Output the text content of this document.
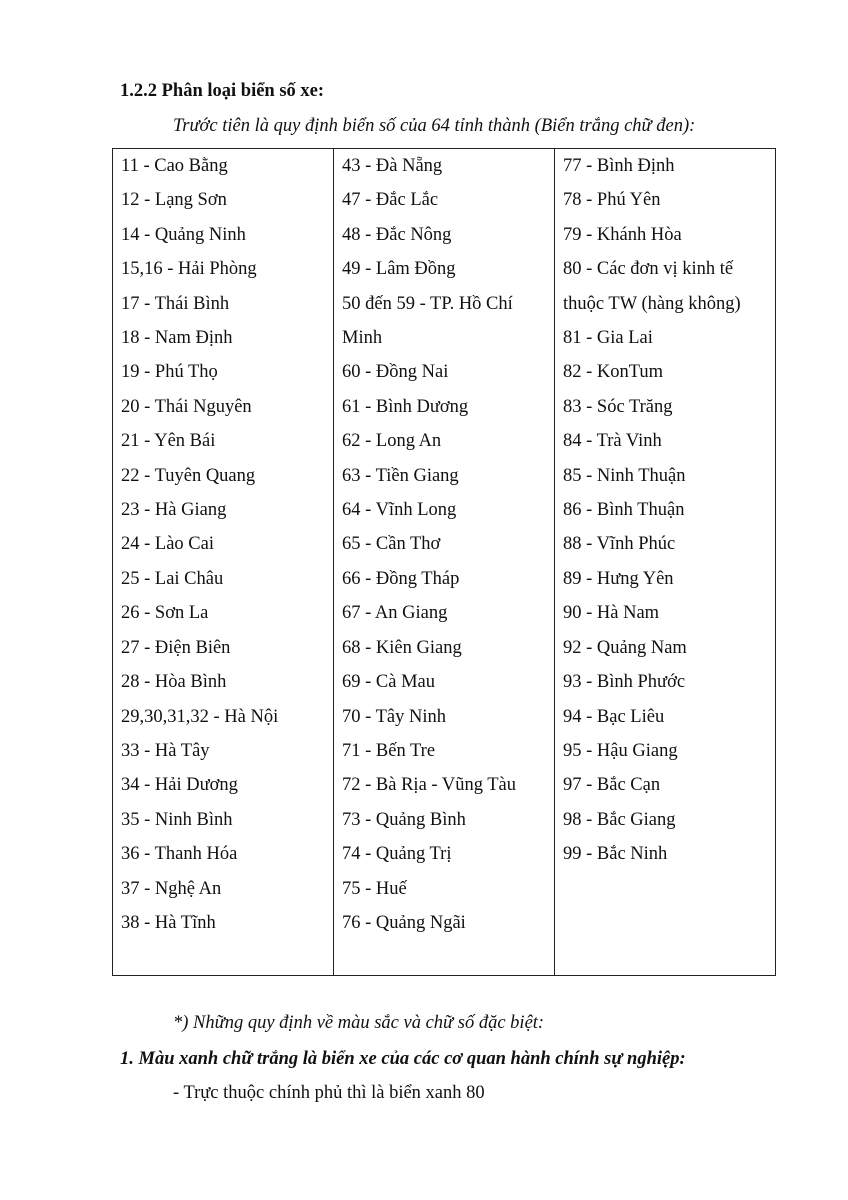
1.2.2 Phân loại biển số xe:
Trước tiên là quy định biển số của 64 tỉnh thành (Biển trắng chữ đen):
11 - Cao Bằng
12 - Lạng Sơn
14 - Quảng Ninh
15,16 - Hải Phòng
17 - Thái Bình
18 - Nam Định
19 - Phú Thọ
20 - Thái Nguyên
21 - Yên Bái
22 - Tuyên Quang
23 - Hà Giang
24 - Lào Cai
25 - Lai Châu
26 - Sơn La
27 - Điện Biên
28 - Hòa Bình
29,30,31,32 - Hà Nội
33 - Hà Tây
34 - Hải Dương
35 - Ninh Bình
36 - Thanh Hóa
37 - Nghệ An
38 - Hà Tĩnh

43 - Đà Nẵng
47 - Đắc Lắc
48 - Đắc Nông
49 - Lâm Đồng
50 đến 59 - TP. Hồ Chí Minh
60 - Đồng Nai
61 - Bình Dương
62 - Long An
63 - Tiền Giang
64 - Vĩnh Long
65 - Cần Thơ
66 - Đồng Tháp
67 - An Giang
68 - Kiên Giang
69 - Cà Mau
70 - Tây Ninh
71 - Bến Tre
72 - Bà Rịa - Vũng Tàu
73 - Quảng Bình
74 - Quảng Trị
75 - Huế
76 - Quảng Ngãi

77 - Bình Định
78 - Phú Yên
79 - Khánh Hòa
80 - Các đơn vị kinh tế thuộc TW (hàng không)
81 - Gia Lai
82 - KonTum
83 - Sóc Trăng
84 - Trà Vinh
85 - Ninh Thuận
86 - Bình Thuận
88 - Vĩnh Phúc
89 - Hưng Yên
90 - Hà Nam
92 - Quảng Nam
93 - Bình Phước
94 - Bạc Liêu
95 - Hậu Giang
97 - Bắc Cạn
98 - Bắc Giang
99 - Bắc Ninh
*) Những quy định về màu sắc và chữ số đặc biệt:
1. Màu xanh chữ trắng là biển xe của các cơ quan hành chính sự nghiệp:
- Trực thuộc chính phủ thì là biển xanh 80
